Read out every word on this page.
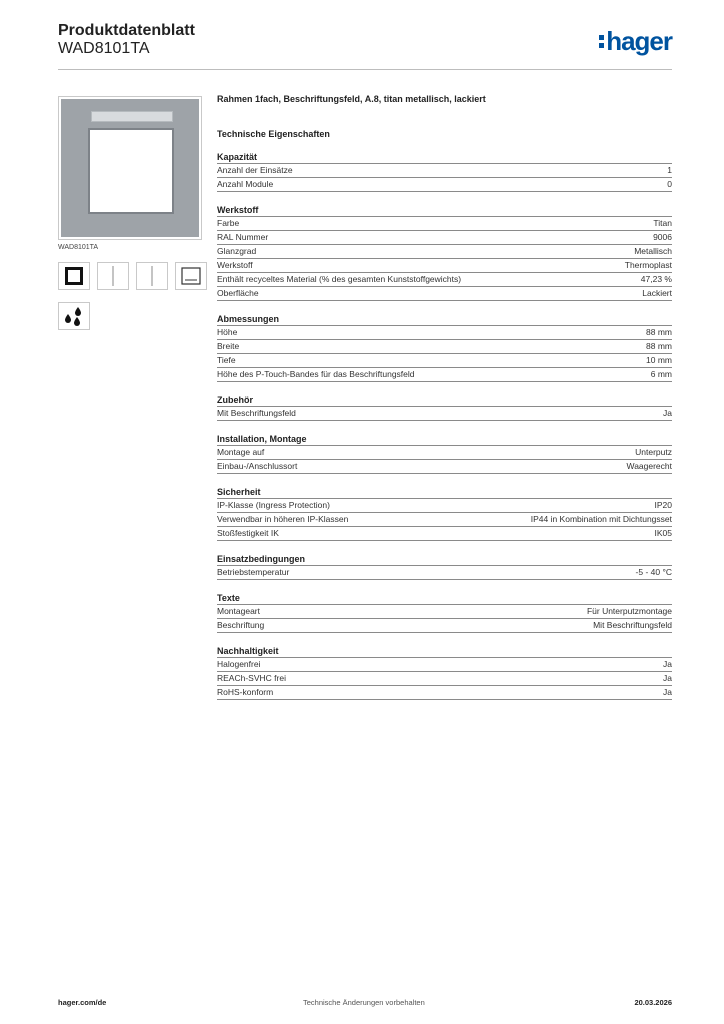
Produktdatenblatt
WAD8101TA	hager
WAD8101TA
Rahmen 1fach, Beschriftungsfeld, A.8, titan metallisch, lackiert
Technische Eigenschaften
Kapazität
Anzahl der Einsätze	1
Anzahl Module	0
Werkstoff
Farbe	Titan
RAL Nummer	9006
Glanzgrad	Metallisch
Werkstoff	Thermoplast
Enthält recyceltes Material (% des gesamten Kunststoffgewichts)	47,23 %
Oberfläche	Lackiert
Abmessungen
Höhe	88 mm
Breite	88 mm
Tiefe	10 mm
Höhe des P-Touch-Bandes für das Beschriftungsfeld	6 mm
Zubehör
Mit Beschriftungsfeld	Ja
Installation, Montage
Montage auf	Unterputz
Einbau-/Anschlussort	Waagerecht
Sicherheit
IP-Klasse (Ingress Protection)	IP20
Verwendbar in höheren IP-Klassen	IP44 in Kombination mit Dichtungsset
Stoßfestigkeit IK	IK05
Einsatzbedingungen
Betriebstemperatur	-5 - 40 °C
Texte
Montageart	Für Unterputzmontage
Beschriftung	Mit Beschriftungsfeld
Nachhaltigkeit
Halogenfrei	Ja
REACh-SVHC frei	Ja
RoHS-konform	Ja
hager.com/de	Technische Änderungen vorbehalten	20.03.2026
